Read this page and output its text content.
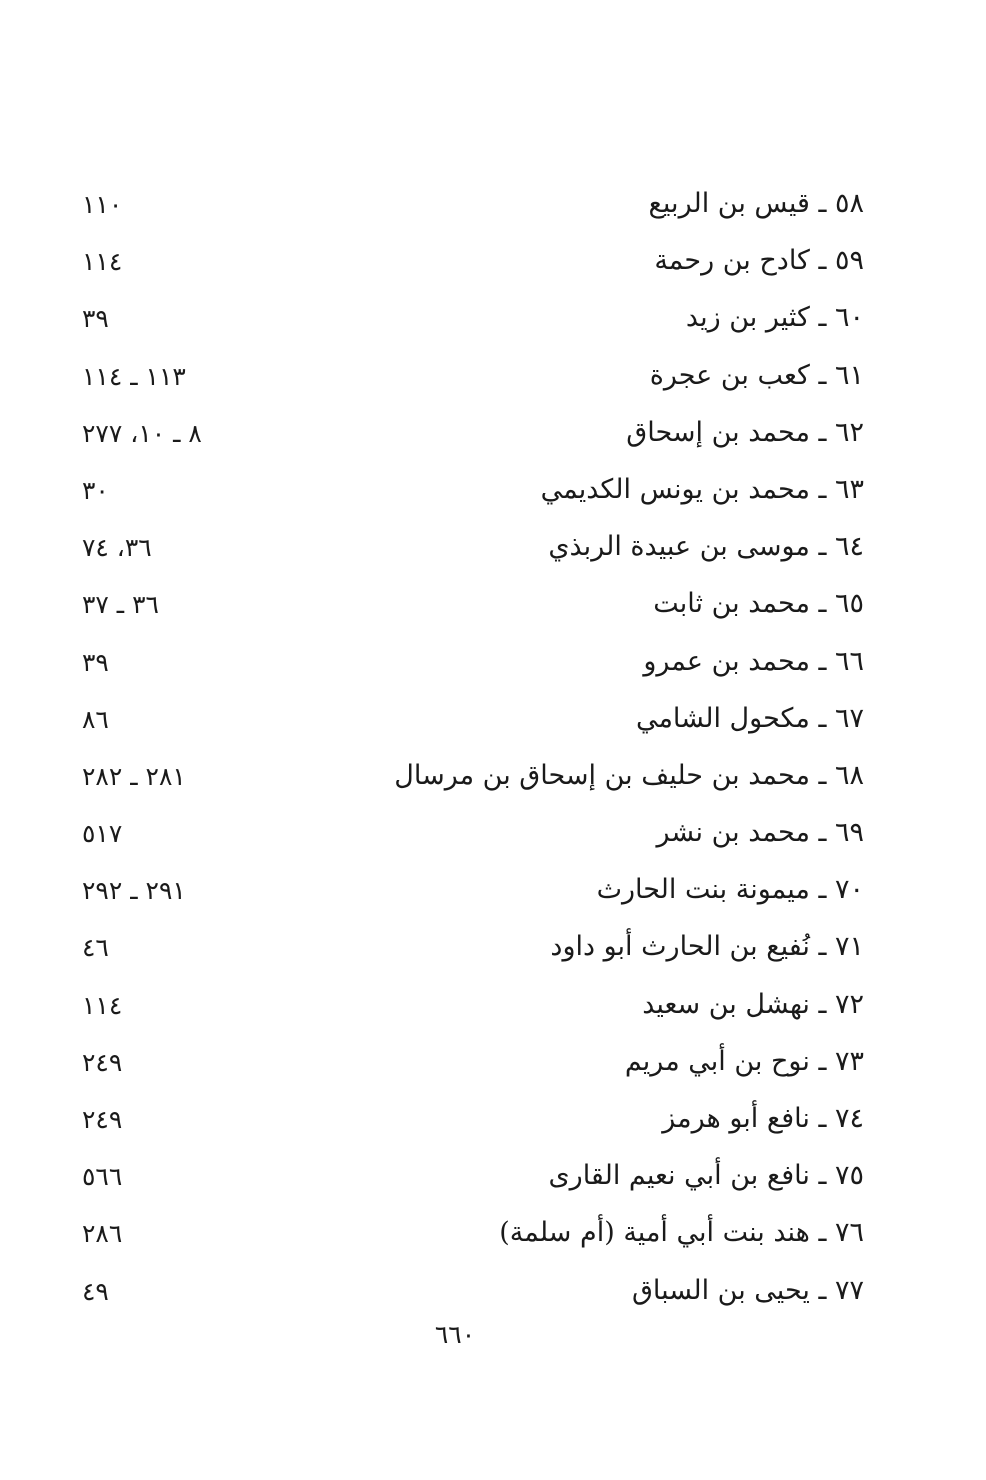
٥٨ ـ قيس بن الربيع
١١٠
٥٩ ـ كادح بن رحمة
١١٤
٦٠ ـ كثير بن زيد
٣٩
٦١ ـ كعب بن عجرة
١١٣ ـ ١١٤
٦٢ ـ محمد بن إسحاق
٨ ـ ١٠، ٢٧٧
٦٣ ـ محمد بن يونس الكديمي
٣٠
٦٤ ـ موسى بن عبيدة الربذي
٣٦، ٧٤
٦٥ ـ محمد بن ثابت
٣٦ ـ ٣٧
٦٦ ـ محمد بن عمرو
٣٩
٦٧ ـ مكحول الشامي
٨٦
٦٨ ـ محمد بن حليف بن إسحاق بن مرسال
٢٨١ ـ ٢٨٢
٦٩ ـ محمد بن نشر
٥١٧
٧٠ ـ ميمونة بنت الحارث
٢٩١ ـ ٢٩٢
٧١ ـ نُفيع بن الحارث أبو داود
٤٦
٧٢ ـ نهشل بن سعيد
١١٤
٧٣ ـ نوح بن أبي مريم
٢٤٩
٧٤ ـ نافع أبو هرمز
٢٤٩
٧٥ ـ نافع بن أبي نعيم القارى
٥٦٦
٧٦ ـ هند بنت أبي أمية (أم سلمة)
٢٨٦
٧٧ ـ يحيى بن السباق
٤٩
٦٦٠
